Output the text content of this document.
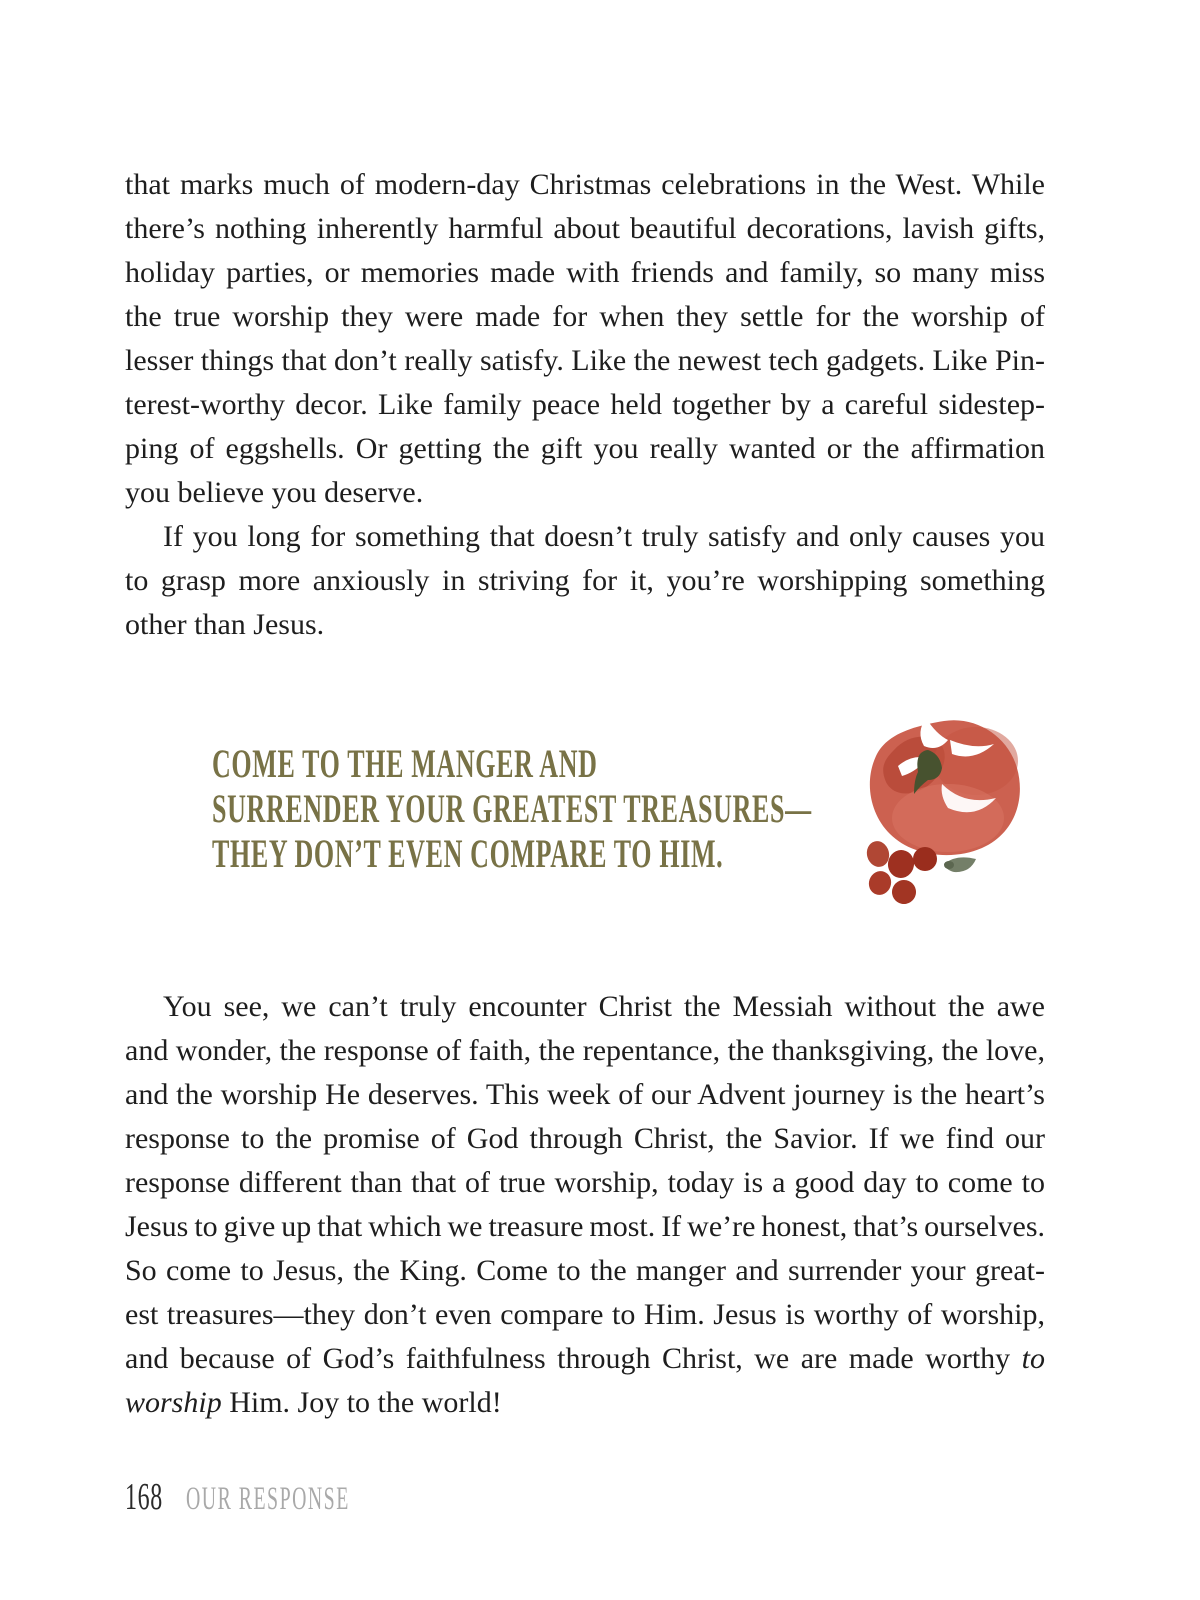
that marks much of modern-day Christmas celebrations in the West. While
there’s nothing inherently harmful about beautiful decorations, lavish gifts,
holiday parties, or memories made with friends and family, so many miss
the true worship they were made for when they settle for the worship of
lesser things that don’t really satisfy. Like the newest tech gadgets. Like Pin-
terest-worthy decor. Like family peace held together by a careful sidestep-
ping of eggshells. Or getting the gift you really wanted or the affirmation
you believe you deserve.
If you long for something that doesn’t truly satisfy and only causes you
to grasp more anxiously in striving for it, you’re worshipping something
other than Jesus.
COME TO THE MANGER AND
SURRENDER YOUR GREATEST TREASURES—
THEY DON’T EVEN COMPARE TO HIM.
You see, we can’t truly encounter Christ the Messiah without the awe
and wonder, the response of faith, the repentance, the thanksgiving, the love,
and the worship He deserves. This week of our Advent journey is the heart’s
response to the promise of God through Christ, the Savior. If we find our
response different than that of true worship, today is a good day to come to
Jesus to give up that which we treasure most. If we’re honest, that’s ourselves.
So come to Jesus, the King. Come to the manger and surrender your great-
est treasures—they don’t even compare to Him. Jesus is worthy of worship,
and because of God’s faithfulness through Christ, we are made worthy to
worship Him. Joy to the world!
168 OUR RESPONSE
